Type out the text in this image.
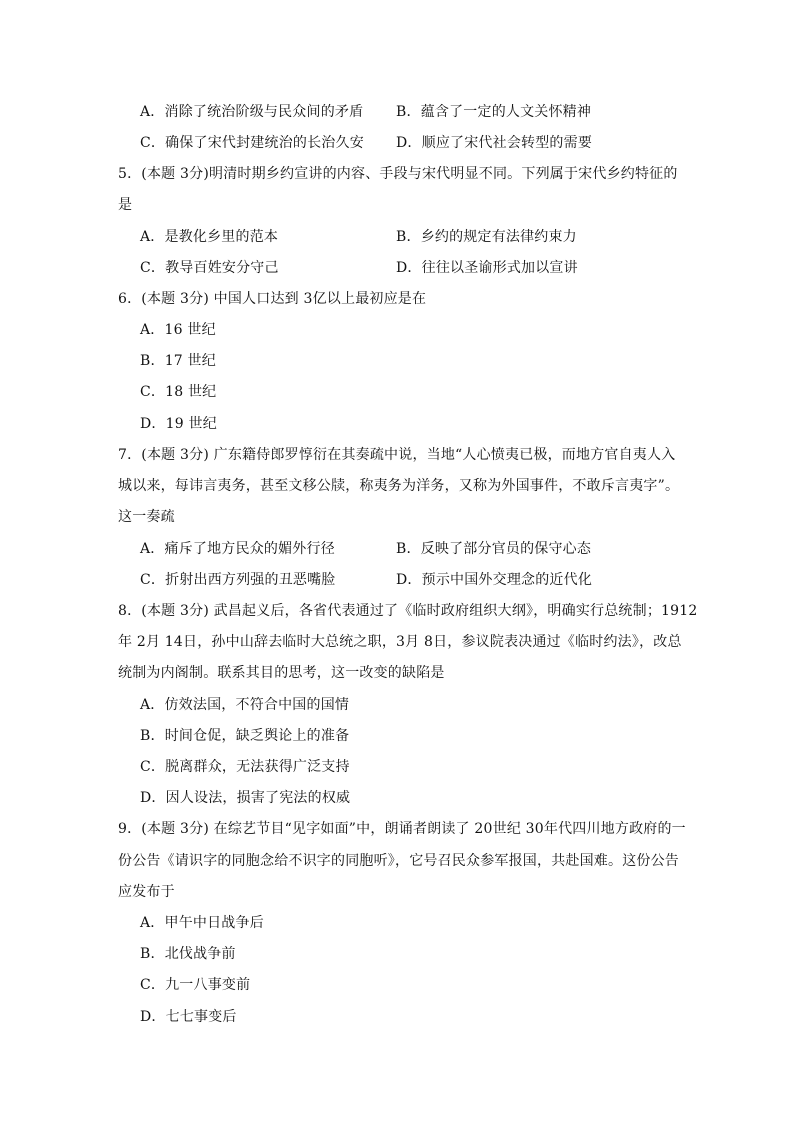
A．消除了统治阶级与民众间的矛盾 B．蕴含了一定的人文关怀精神
C．确保了宋代封建统治的长治久安 D．顺应了宋代社会转型的需要
5．(本题 3分)明清时期乡约宣讲的内容、手段与宋代明显不同。下列属于宋代乡约特征的
是
A．是教化乡里的范本	B．乡约的规定有法律约束力
C．教导百姓安分守己	D．往往以圣谕形式加以宣讲
6．(本题 3分) 中国人口达到 3亿以上最初应是在
A．16 世纪
B．17 世纪
C．18 世纪
D．19 世纪
7．(本题 3分) 广东籍侍郎罗惇衍在其奏疏中说，当地“人心愤夷已极，而地方官自夷人入
城以来，每讳言夷务，甚至文移公牍，称夷务为洋务，又称为外国事件，不敢斥言夷字”。
这一奏疏
A．痛斥了地方民众的媚外行径	B．反映了部分官员的保守心态
C．折射出西方列强的丑恶嘴脸	D．预示中国外交理念的近代化
8．(本题 3分) 武昌起义后，各省代表通过了《临时政府组织大纲》，明确实行总统制；1912
年 2月 14日，孙中山辞去临时大总统之职，3月 8日，参议院表决通过《临时约法》，改总
统制为内阁制。联系其目的思考，这一改变的缺陷是
A．仿效法国，不符合中国的国情
B．时间仓促，缺乏舆论上的准备
C．脱离群众，无法获得广泛支持
D．因人设法，损害了宪法的权威
9．(本题 3分) 在综艺节目“见字如面”中，朗诵者朗读了 20世纪 30年代四川地方政府的一
份公告《请识字的同胞念给不识字的同胞听》，它号召民众参军报国，共赴国难。这份公告
应发布于
A．甲午中日战争后
B．北伐战争前
C．九一八事变前
D．七七事变后
